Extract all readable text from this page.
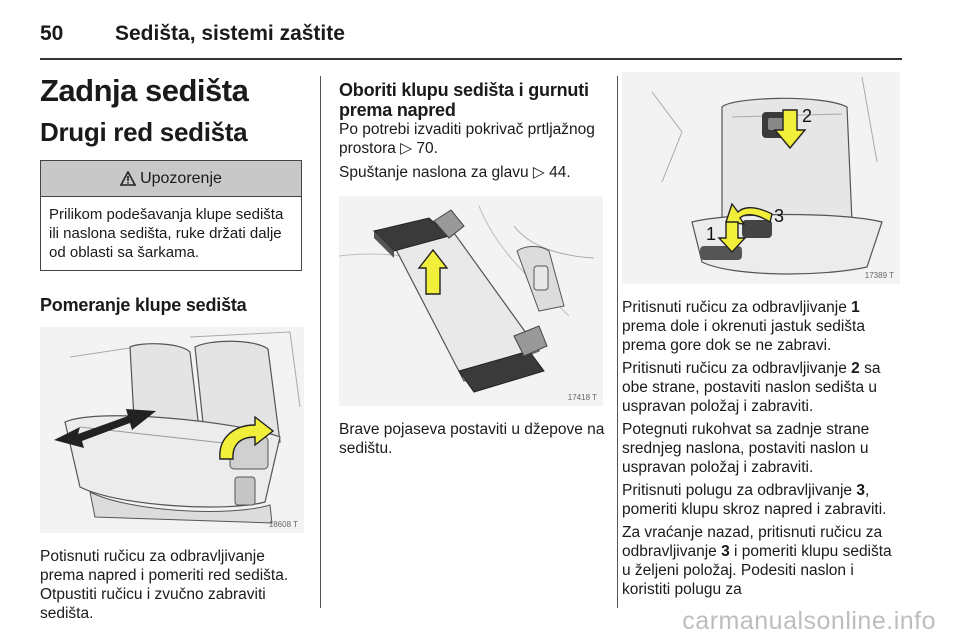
50 Sedišta, sistemi zaštite
Zadnja sedišta
Drugi red sedišta
Upozorenje
Prilikom podešavanja klupe sedišta ili naslona sedišta, ruke držati dalje od oblasti sa šarkama.
Pomeranje klupe sedišta
18608 T

Potisnuti ručicu za odbravljivanje prema napred i pomeriti red sedišta. Otpustiti ručicu i zvučno zabraviti sedišta.

Oboriti klupu sedišta i gurnuti prema napred

Po potrebi izvaditi pokrivač prtljažnog prostora ▷ 70.

Spuštanje naslona za glavu ▷ 44.

17418 T

Brave pojaseva postaviti u džepove na sedištu.

1
2
3
17389 T

Pritisnuti ručicu za odbravljivanje 1 prema dole i okrenuti jastuk sedišta prema gore dok se ne zabravi.

Pritisnuti ručicu za odbravljivanje 2 sa obe strane, postaviti naslon sedišta u uspravan položaj i zabraviti.

Potegnuti rukohvat sa zadnje strane srednjeg naslona, postaviti naslon u uspravan položaj i zabraviti.

Pritisnuti polugu za odbravljivanje 3, pomeriti klupu skroz napred i zabraviti.

Za vraćanje nazad, pritisnuti ručicu za odbravljivanje 3 i pomeriti klupu sedišta u željeni položaj. Podesiti naslon i koristiti polugu za

carmanualsonline.info
